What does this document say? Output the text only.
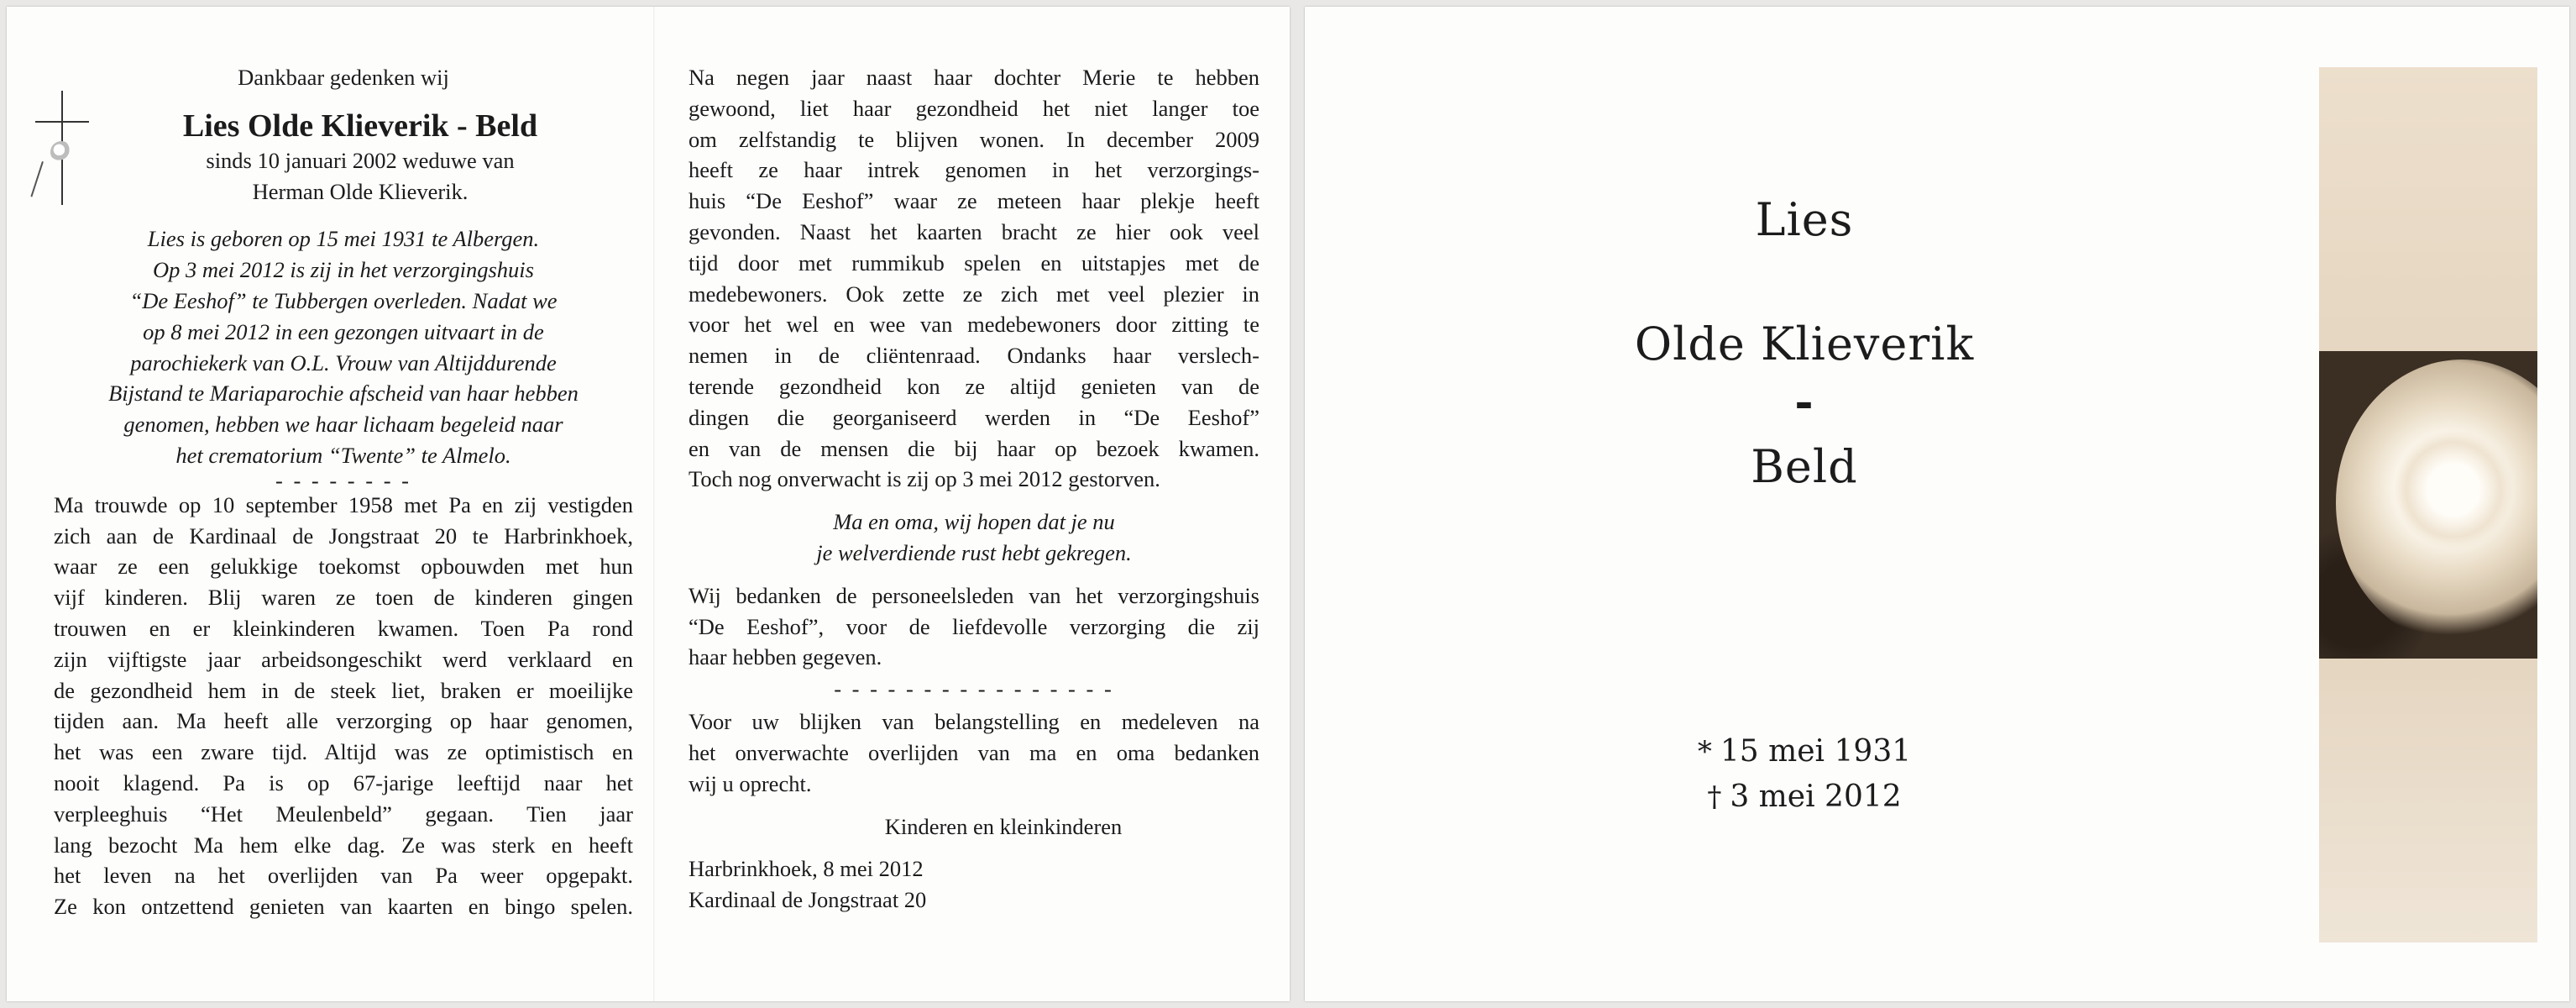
Dankbaar gedenken wij
Lies Olde Klieverik - Beld
sinds 10 januari 2002 weduwe van
Herman Olde Klieverik.
Lies is geboren op 15 mei 1931 te Albergen.
Op 3 mei 2012 is zij in het verzorgingshuis
“De Eeshof” te Tubbergen overleden. Nadat we
op 8 mei 2012 in een gezongen uitvaart in de
parochiekerk van O.L. Vrouw van Altijddurende
Bijstand te Mariaparochie afscheid van haar hebben
genomen, hebben we haar lichaam begeleid naar
het crematorium “Twente” te Almelo.
- - - - - - - -
Ma trouwde op 10 september 1958 met Pa en zij vestigden
zich aan de Kardinaal de Jongstraat 20 te Harbrinkhoek,
waar ze een gelukkige toekomst opbouwden met hun
vijf kinderen. Blij waren ze toen de kinderen gingen
trouwen en er kleinkinderen kwamen. Toen Pa rond
zijn vijftigste jaar arbeidsongeschikt werd verklaard en
de gezondheid hem in de steek liet, braken er moeilijke
tijden aan. Ma heeft alle verzorging op haar genomen,
het was een zware tijd. Altijd was ze optimistisch en
nooit klagend. Pa is op 67-jarige leeftijd naar het
verpleeghuis “Het Meulenbeld” gegaan. Tien jaar
lang bezocht Ma hem elke dag. Ze was sterk en heeft
het leven na het overlijden van Pa weer opgepakt.
Ze kon ontzettend genieten van kaarten en bingo spelen.
Na negen jaar naast haar dochter Merie te hebben
gewoond, liet haar gezondheid het niet langer toe
om zelfstandig te blijven wonen. In december 2009
heeft ze haar intrek genomen in het verzorgings-
huis “De Eeshof” waar ze meteen haar plekje heeft
gevonden. Naast het kaarten bracht ze hier ook veel
tijd door met rummikub spelen en uitstapjes met de
medebewoners. Ook zette ze zich met veel plezier in
voor het wel en wee van medebewoners door zitting te
nemen in de cliëntenraad. Ondanks haar verslech-
terende gezondheid kon ze altijd genieten van de
dingen die georganiseerd werden in “De Eeshof”
en van de mensen die bij haar op bezoek kwamen.
Toch nog onverwacht is zij op 3 mei 2012 gestorven.
Ma en oma, wij hopen dat je nu
je welverdiende rust hebt gekregen.
Wij bedanken de personeelsleden van het verzorgingshuis
“De Eeshof”, voor de liefdevolle verzorging die zij
haar hebben gegeven.
- - - - - - - - - - - - - - - -
Voor uw blijken van belangstelling en medeleven na
het onverwachte overlijden van ma en oma bedanken
wij u oprecht.
Kinderen en kleinkinderen
Harbrinkhoek, 8 mei 2012
Kardinaal de Jongstraat 20
Lies
Olde Klieverik
-
Beld
* 15 mei 1931
† 3 mei 2012
